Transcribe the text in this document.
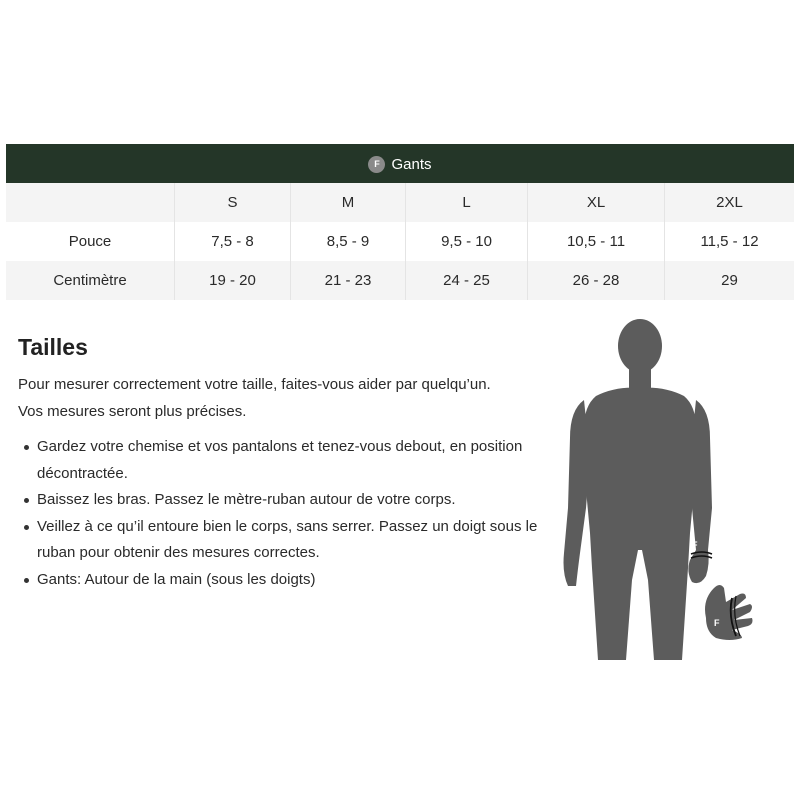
F Gants					

	S	M	L	XL	2XL
Pouce	7,5 - 8	8,5 - 9	9,5 - 10	10,5 - 11	11,5 - 12
Centimètre	19 - 20	21 - 23	24 - 25	26 - 28	29
Tailles

Pour mesurer correctement votre taille, faites-vous aider par quelqu’un.
Vos mesures seront plus précises.

Gardez votre chemise et vos pantalons et tenez-vous debout, en position décontractée.
Baissez les bras. Passez le mètre-ruban autour de votre corps.
Veillez à ce qu’il entoure bien le corps, sans serrer. Passez un doigt sous le ruban pour obtenir des mesures correctes.
Gants: Autour de la main (sous les doigts)
F
F
